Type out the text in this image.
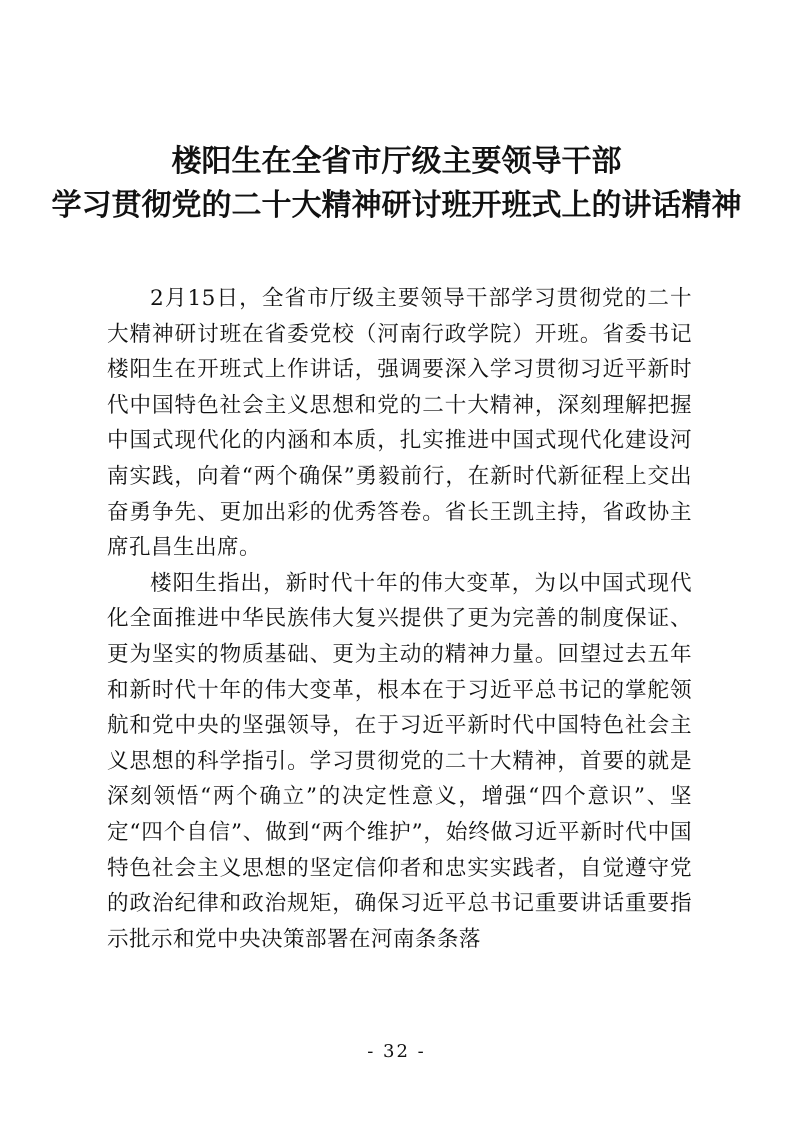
楼阳生在全省市厅级主要领导干部
学习贯彻党的二十大精神研讨班开班式上的讲话精神

2月15日，全省市厅级主要领导干部学习贯彻党的二十大精神研讨班在省委党校（河南行政学院）开班。省委书记楼阳生在开班式上作讲话，强调要深入学习贯彻习近平新时代中国特色社会主义思想和党的二十大精神，深刻理解把握中国式现代化的内涵和本质，扎实推进中国式现代化建设河南实践，向着“两个确保”勇毅前行，在新时代新征程上交出奋勇争先、更加出彩的优秀答卷。省长王凯主持，省政协主席孔昌生出席。

楼阳生指出，新时代十年的伟大变革，为以中国式现代化全面推进中华民族伟大复兴提供了更为完善的制度保证、更为坚实的物质基础、更为主动的精神力量。回望过去五年和新时代十年的伟大变革，根本在于习近平总书记的掌舵领航和党中央的坚强领导，在于习近平新时代中国特色社会主义思想的科学指引。学习贯彻党的二十大精神，首要的就是深刻领悟“两个确立”的决定性意义，增强“四个意识”、坚定“四个自信”、做到“两个维护”，始终做习近平新时代中国特色社会主义思想的坚定信仰者和忠实实践者，自觉遵守党的政治纪律和政治规矩，确保习近平总书记重要讲话重要指示批示和党中央决策部署在河南条条落

- 32 -
